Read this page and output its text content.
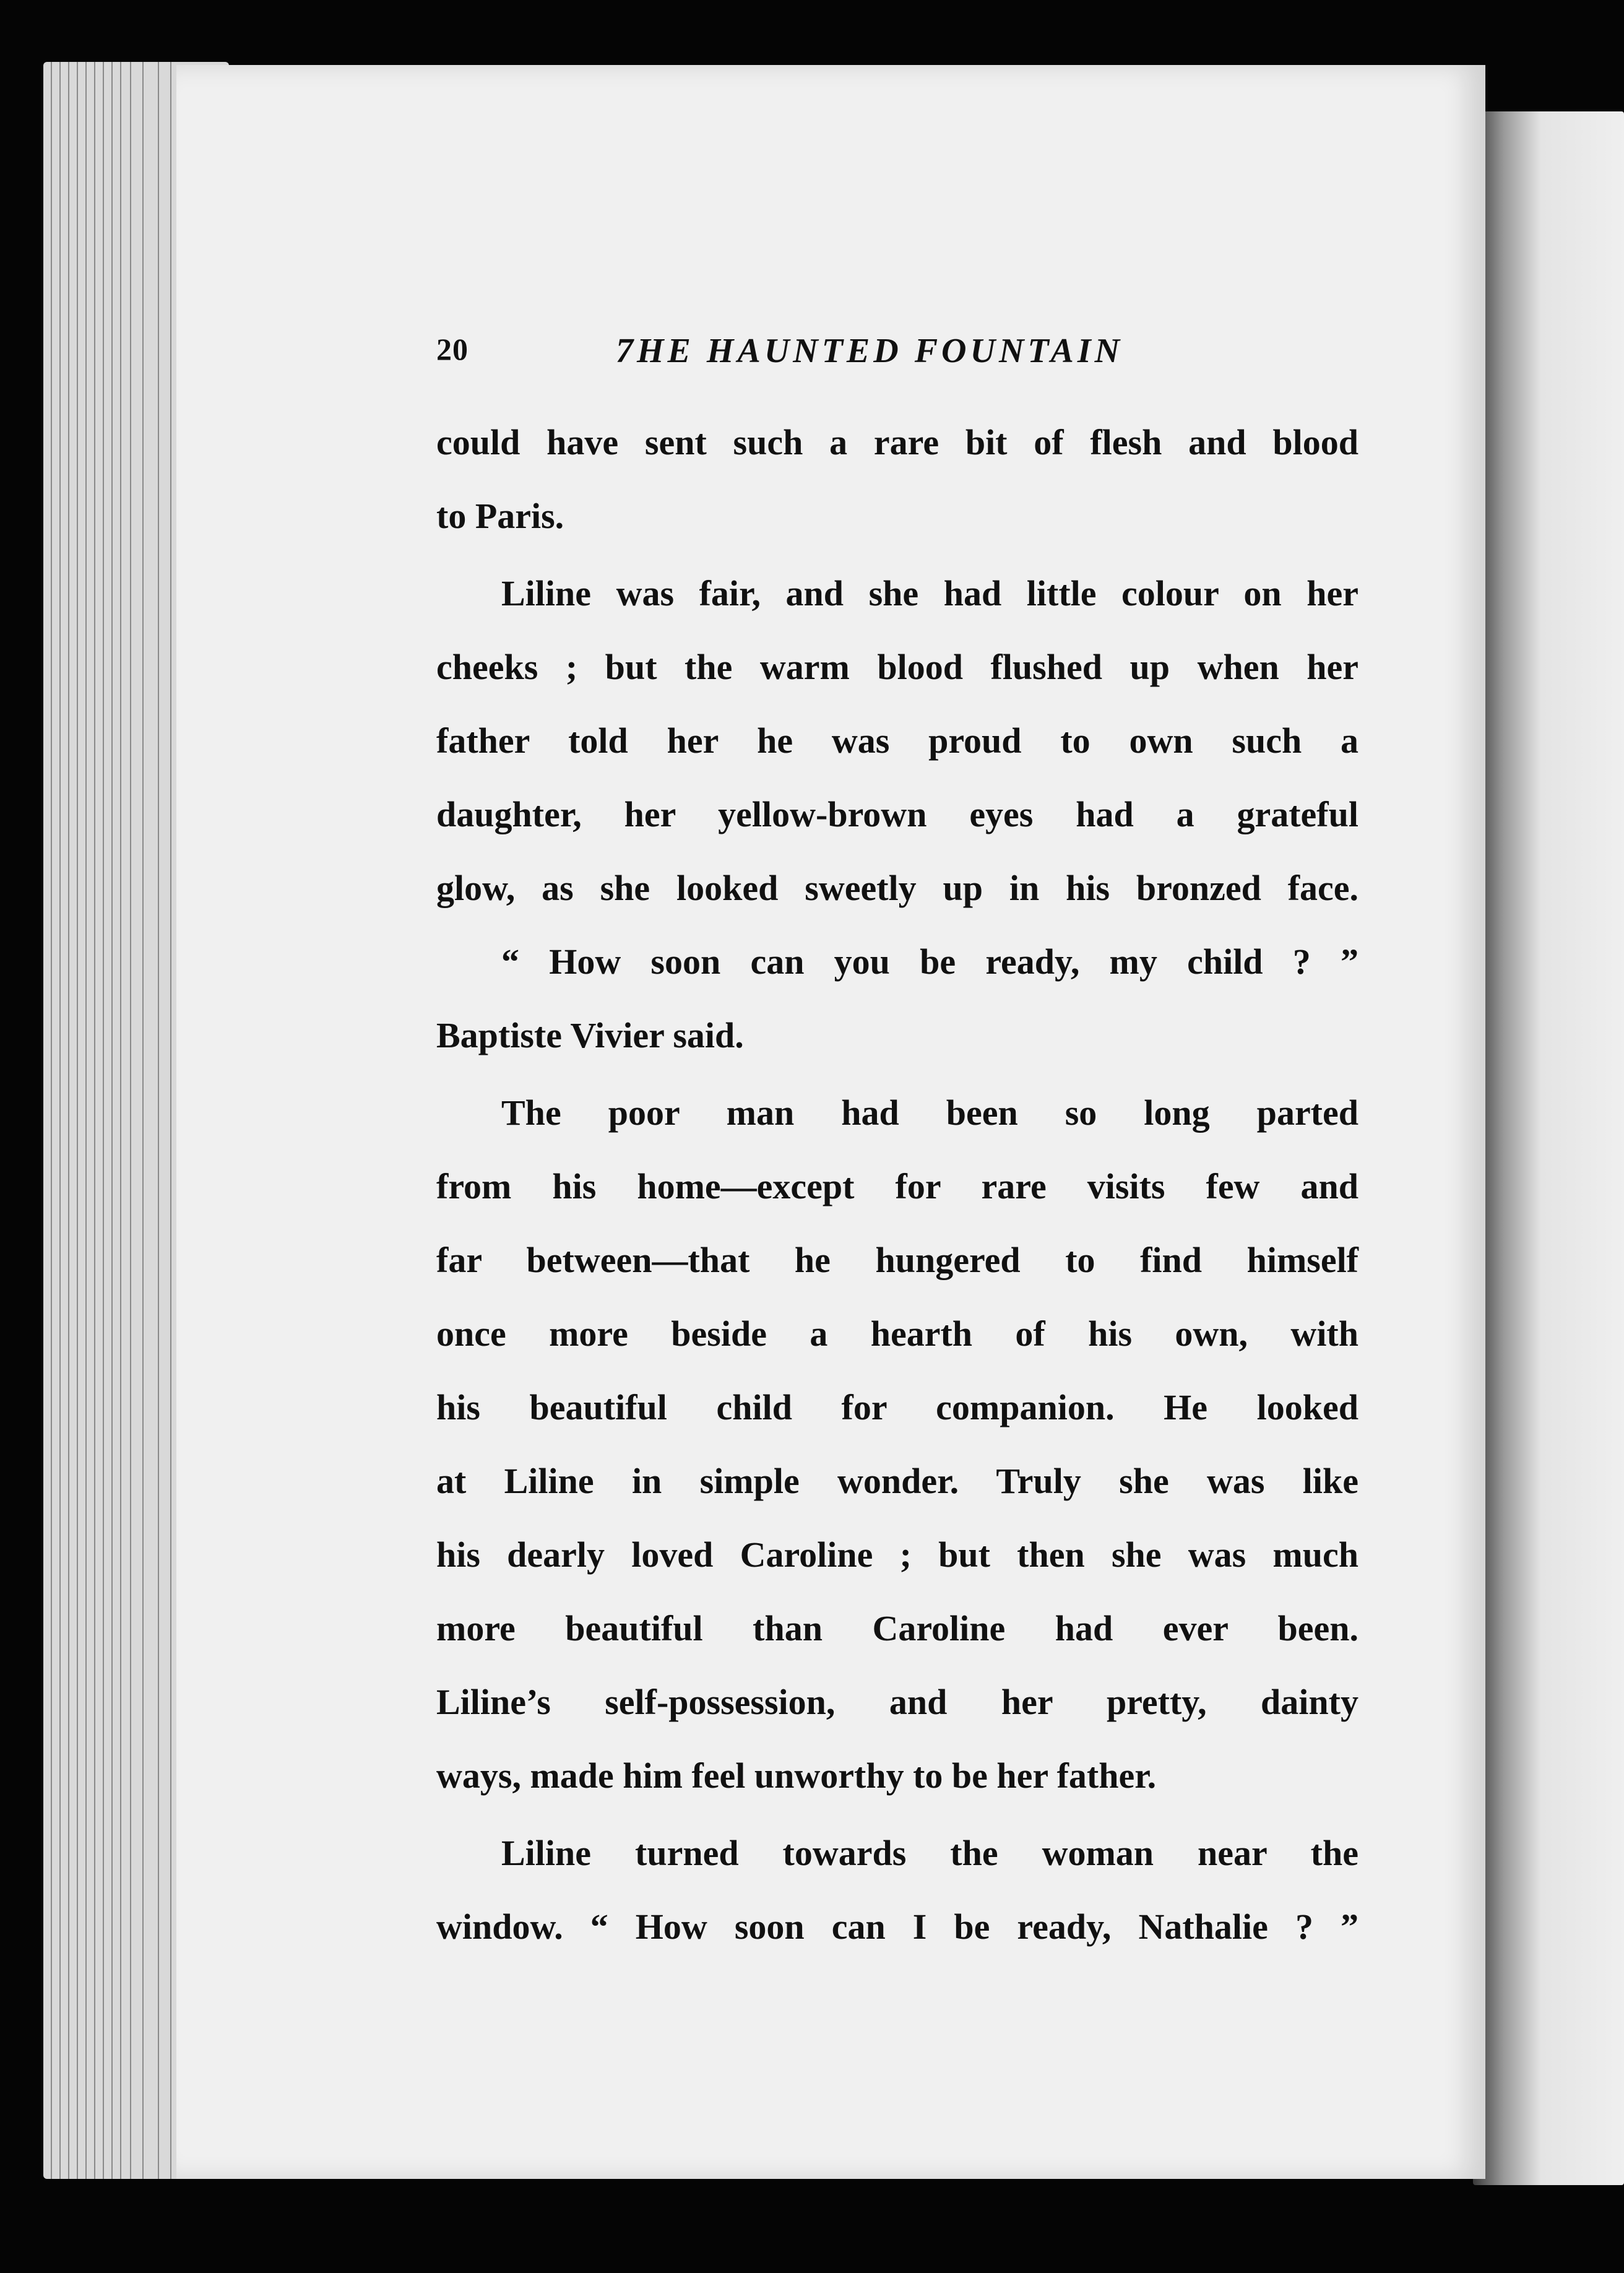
20	7HE HAUNTED FOUNTAIN
could have sent such a rare bit of flesh and blood
to Paris.
Liline was fair, and she had little colour on her
cheeks ; but the warm blood flushed up when her
father told her he was proud to own such a
daughter, her yellow-brown eyes had a grateful
glow, as she looked sweetly up in his bronzed face.
“ How soon can you be ready, my child ? ”
Baptiste Vivier said.
The poor man had been so long parted
from his home—except for rare visits few and
far between—that he hungered to find himself
once more beside a hearth of his own, with
his beautiful child for companion. He looked
at Liline in simple wonder. Truly she was like
his dearly loved Caroline ; but then she was much
more beautiful than Caroline had ever been.
Liline’s self-possession, and her pretty, dainty
ways, made him feel unworthy to be her father.
Liline turned towards the woman near the
window. “ How soon can I be ready, Nathalie ? ”
